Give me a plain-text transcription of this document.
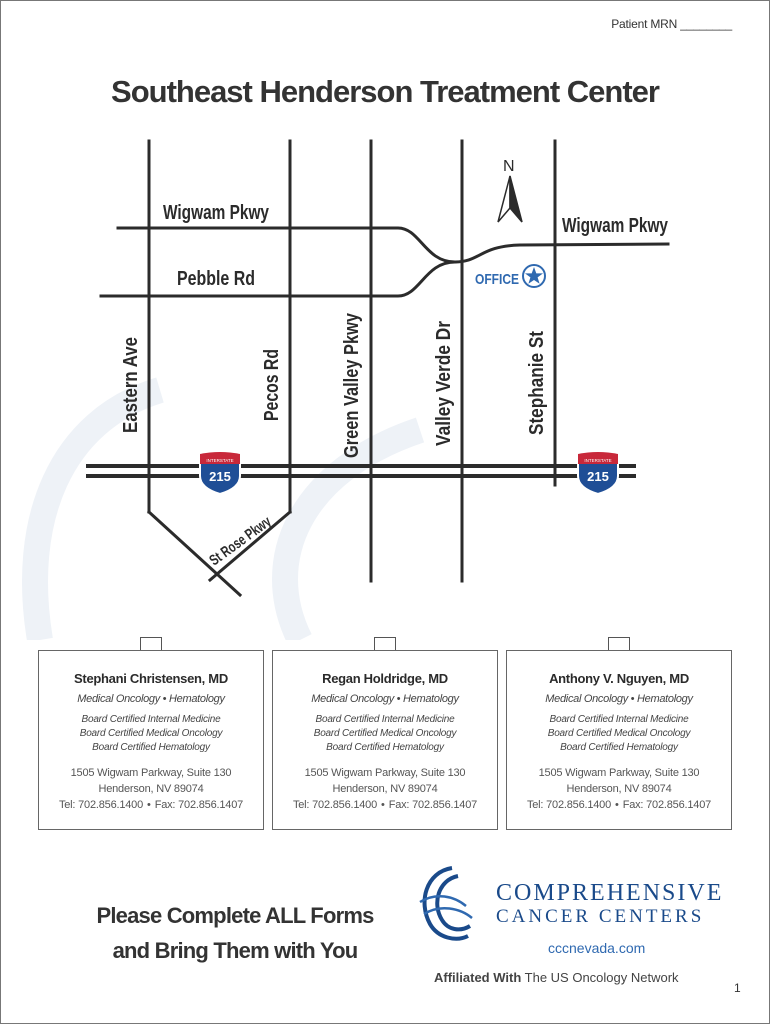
Patient MRN ________
Southeast Henderson Treatment Center
Wigwam Pkwy
Wigwam Pkwy
Pebble Rd
Eastern Ave	Pecos Rd	Green Valley Pkwy	Valley Verde Dr	Stephanie St
St Rose Pkwy
N
OFFICE
INTERSTATE
215
INTERSTATE
215
Stephani Christensen, MD
Medical Oncology • Hematology
Board Certified Internal Medicine
Board Certified Medical Oncology
Board Certified Hematology
1505 Wigwam Parkway, Suite 130
Henderson, NV 89074
Tel: 702.856.1400 • Fax: 702.856.1407
Regan Holdridge, MD
Medical Oncology • Hematology
Board Certified Internal Medicine
Board Certified Medical Oncology
Board Certified Hematology
1505 Wigwam Parkway, Suite 130
Henderson, NV 89074
Tel: 702.856.1400 • Fax: 702.856.1407
Anthony V. Nguyen, MD
Medical Oncology • Hematology
Board Certified Internal Medicine
Board Certified Medical Oncology
Board Certified Hematology
1505 Wigwam Parkway, Suite 130
Henderson, NV 89074
Tel: 702.856.1400 • Fax: 702.856.1407
Please Complete ALL Forms
and Bring Them with You
COMPREHENSIVE
CANCER CENTERS
cccnevada.com
Affiliated With The US Oncology Network
1
